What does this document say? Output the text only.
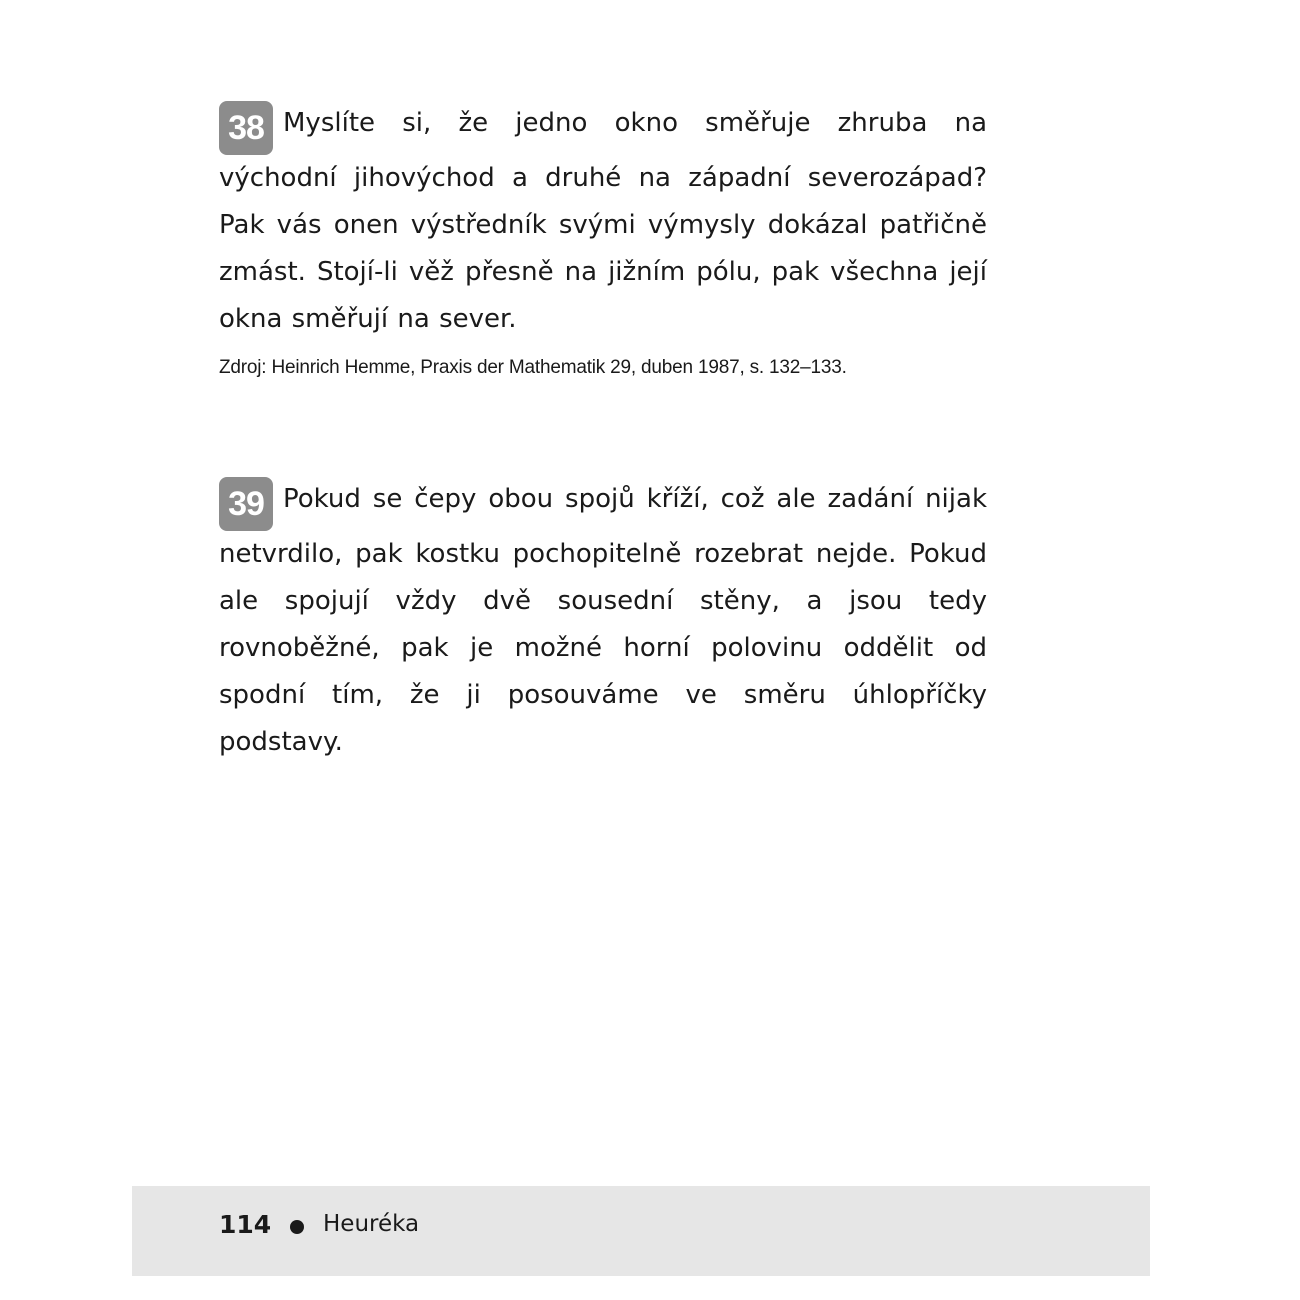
38 Myslíte si, že jedno okno směřuje zhruba na východní jihovýchod a druhé na západní severozápad? Pak vás onen výstředník svými výmysly dokázal patřičně zmást. Stojí-li věž přesně na jižním pólu, pak všechna její okna směřují na sever.

Zdroj: Heinrich Hemme, Praxis der Mathematik 29, duben 1987, s. 132–133.

39 Pokud se čepy obou spojů kříží, což ale zadání nijak netvrdilo, pak kostku pochopitelně rozebrat nejde. Pokud ale spojují vždy dvě sousední stěny, a jsou tedy rovnoběžné, pak je možné horní polovinu oddělit od spodní tím, že ji posouváme ve směru úhlopříčky podstavy.

114 Heuréka
